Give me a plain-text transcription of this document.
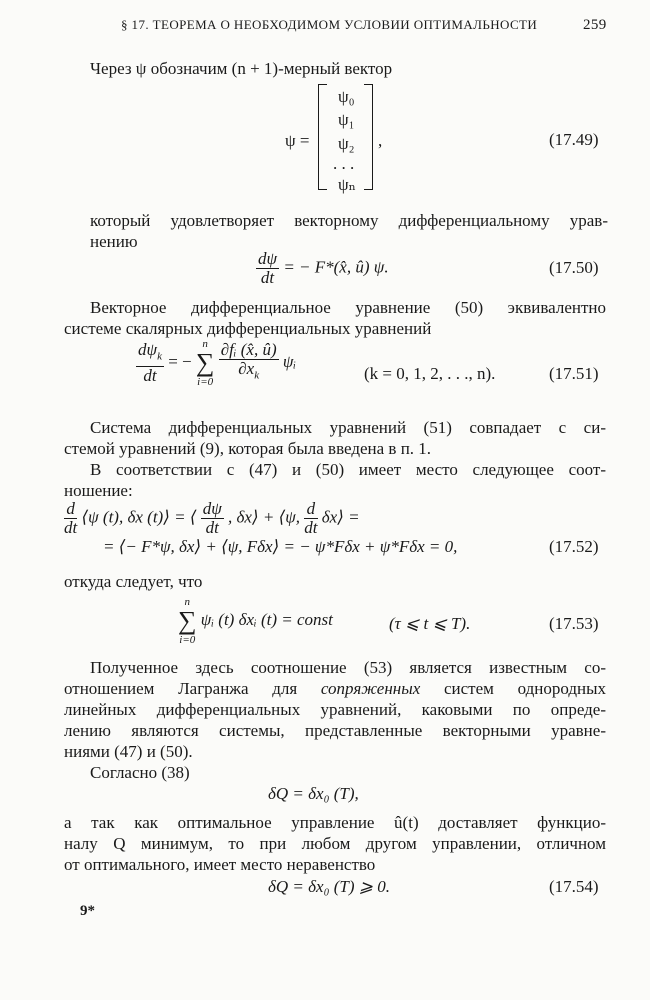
§ 17. ТЕОРЕМА О НЕОБХОДИМОМ УСЛОВИИ ОПТИМАЛЬНОСТИ	259
Через ψ обозначим (n + 1)-мерный вектор
ψ =
ψ₀
ψ₁
ψ₂
. . .
ψₙ
,	(17.49)
который удовлетворяет векторному дифференциальному урав-
нению
$\frac{d\psi}{dt}$ = − F*(x̂, û) ψ.	(17.50)
Векторное дифференциальное уравнение (50) эквивалентно
системе скалярных дифференциальных уравнений
$\frac{d\psi_k}{dt}$ = −
n
∑
i=0
$\frac{\text{∂fᵢ (x̂, û)}}{\partial x_k}$ ψᵢ
(k = 0, 1, 2, . . ., n).	(17.51)
Система дифференциальных уравнений (51) совпадает с си-
стемой уравнений (9), которая была введена в п. 1.
В соответствии с (47) и (50) имеет место следующее соот-
ношение:
$\frac{d}{dt}$ ⟨ψ (t), δx (t)⟩ = ⟨ $\frac{d\psi}{dt}$ , δx⟩ + ⟨ψ, $\frac{d}{dt}$ δx⟩ =
= ⟨− F*ψ, δx⟩ + ⟨ψ, Fδx⟩ = − ψ*Fδx + ψ*Fδx = 0,	(17.52)
откуда следует, что
n
∑
i=0
ψᵢ (t) δxᵢ (t) = const	(τ ⩽ t ⩽ T).	(17.53)
Полученное здесь соотношение (53) является известным со-
отношением Лагранжа для сопряженных систем однородных
линейных дифференциальных уравнений, каковыми по опреде-
лению являются системы, представленные векторными уравне-
ниями (47) и (50).
Согласно (38)
δQ = δx₀ (T),
а так как оптимальное управление û(t) доставляет функцио-
налу Q минимум, то при любом другом управлении, отличном
от оптимального, имеет место неравенство
δQ = δx₀ (T) ⩾ 0.	(17.54)
9*
